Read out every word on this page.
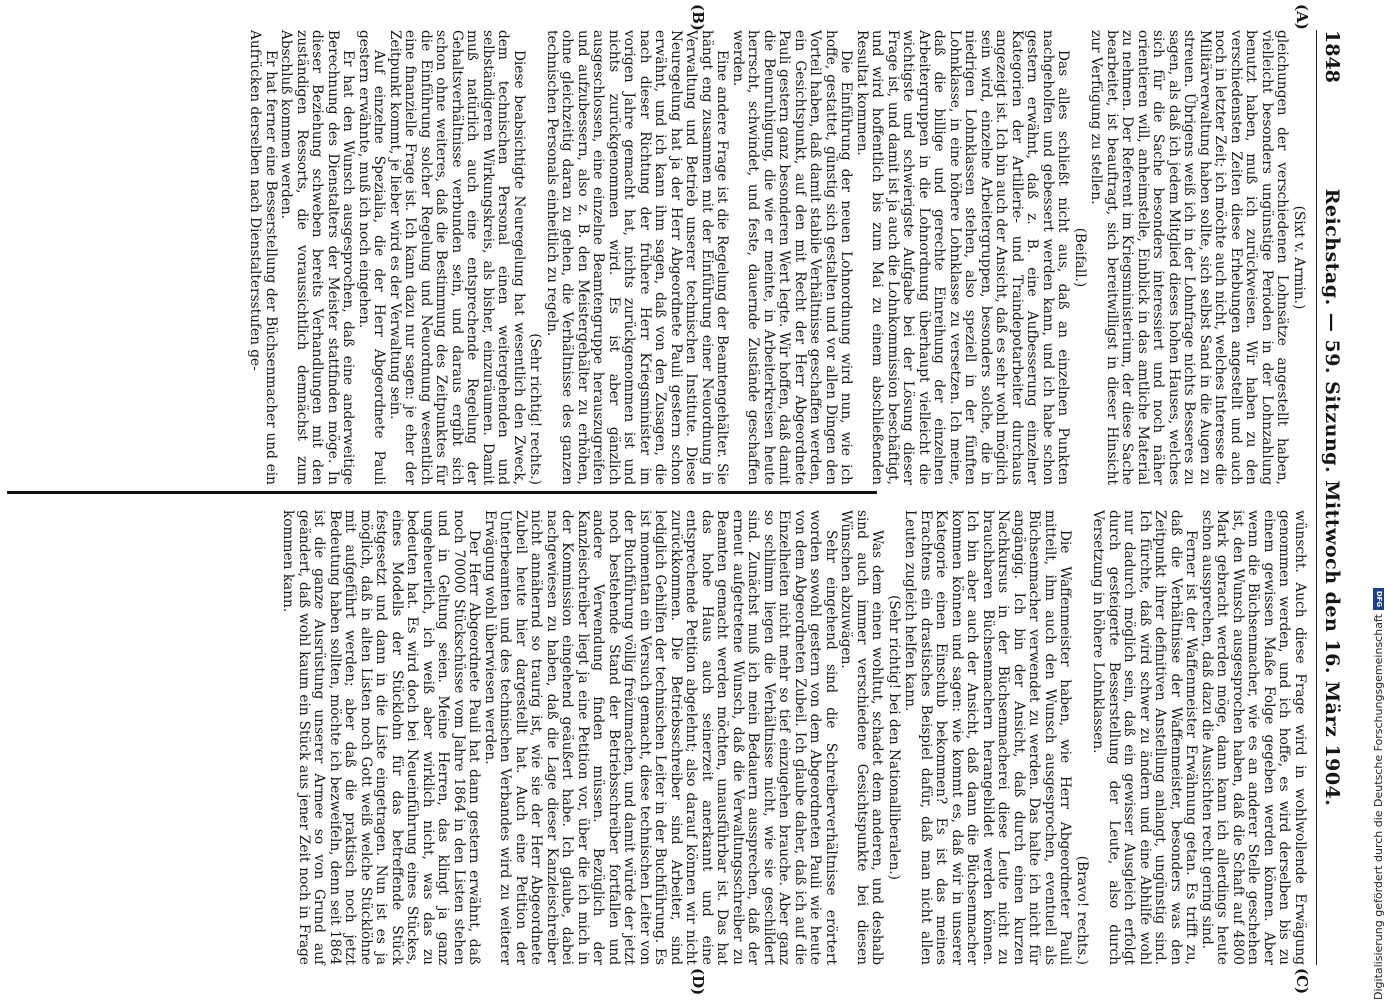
1848
Reichstag. — 59. Sitzung. Mittwoch den 16. März 1904.
(A)
(B)
(C)
(D)

(Sixt v. Armin.)

gleichungen der verschiedenen Lohnsätze angestellt haben, vielleicht besonders ungünstige Perioden in der Lohnzahlung benutzt haben, muß ich zurückweisen. Wir haben zu den verschiedensten Zeiten diese Erhebungen angestellt und auch noch in letzter Zeit; ich möchte auch nicht, welches Interesse die Militärverwaltung haben sollte, sich selbst Sand in die Augen zu streuen. Übrigens weiß ich in der Lohnfrage nichts Besseres zu sagen, als daß ich jedem Mitglied dieses hohen Hauses, welches sich für die Sache besonders interessiert und noch näher orientieren will, anheimstelle, Einblick in das amtliche Material zu nehmen. Der Referent im Kriegsministerium, der diese Sache bearbeitet, ist beauftragt, sich bereitwilligst in dieser Hinsicht zur Verfügung zu stellen.

(Beifall.)

Das alles schließt nicht aus, daß an einzelnen Punkten nachgeholfen und gebessert werden kann, und ich habe schon gestern erwähnt, daß z. B. eine Aufbesserung einzelner Kategorien der Artillerie- und Traindepotarbeiter durchaus angezeigt ist. Ich bin auch der Ansicht, daß es sehr wohl möglich sein wird, einzelne Arbeitergruppen, besonders solche, die in niedrigen Lohnklassen stehen, also speziell in der fünften Lohnklasse, in eine höhere Lohnklasse zu versetzen. Ich meine, daß die billige und gerechte Einreihung der einzelnen Arbeitergruppen in die Lohnordnung überhaupt vielleicht die wichtigste und schwierigste Aufgabe bei der Lösung dieser Frage ist, und damit ist ja auch die Lohnkommission beschäftigt, und wird hoffentlich bis zum Mai zu einem abschließenden Resultat kommen.

Die Einführung der neuen Lohnordnung wird nun, wie ich hoffe, gestattet, günstig sich gestalten und vor allen Dingen den Vorteil haben, daß damit stabile Verhältnisse geschaffen werden, ein Gesichtspunkt, auf den mit Recht der Herr Abgeordnete Pauli gestern ganz besonderen Wert legte. Wir hoffen, daß damit die Beunruhigung, die wie er meinte, in Arbeiterkreisen heute herrscht, schwindet, und feste, dauernde Zustände geschaffen werden.

Eine andere Frage ist die Regelung der Beamtengehälter. Sie hängt eng zusammen mit der Einführung einer Neuordnung in Verwaltung und Betrieb unserer technischen Institute. Diese Neuregelung hat ja der Herr Abgeordnete Pauli gestern schon erwähnt, und ich kann ihm sagen, daß von den Zusagen, die nach dieser Richtung der frühere Herr Kriegsminister im vorigen Jahre gemacht hat, nichts zurückgenommen ist und nichts zurückgenommen wird. Es ist aber gänzlich ausgeschlossen, eine einzelne Beamtengruppe herauszugreifen und aufzubessern, also z. B. den Meistergehälter zu erhöhen, ohne gleichzeitig daran zu gehen, die Verhältnisse des ganzen technischen Personals einheitlich zu regeln.

(Sehr richtig! rechts.)

Diese beabsichtigte Neuregelung hat wesentlich den Zweck, dem technischen Personal einen weitergehenden und selbständigeren Wirkungskreis, als bisher, einzuräumen. Damit muß natürlich auch eine entsprechende Regelung der Gehaltsverhältnisse verbunden sein, und daraus ergibt sich schon ohne weiteres, daß die Bestimmung des Zeitpunktes für die Einführung solcher Regelung und Neuordnung wesentlich eine finanzielle Frage ist. Ich kann dazu nur sagen: je eher der Zeitpunkt kommt, je lieber wird es der Verwaltung sein.

Auf einzelne Spezialia, die der Herr Abgeordnete Pauli gestern erwähnte, muß ich noch eingehen.

Er hat den Wunsch ausgesprochen, daß eine anderweitige Berechnung des Dienstalters der Meister stattfinden möge. In dieser Beziehung schweben bereits Verhandlungen mit den zuständigen Ressorts, die voraussichtlich demnächst zum Abschluß kommen werden.

Er hat ferner eine Besserstellung der Büchsenmacher und ein Aufrücken derselben nach Dienstaltersstufen ge-

wünscht. Auch diese Frage wird in wohlwollende Erwägung genommen werden, und ich hoffe, es wird derselben bis zu einem gewissen Maße Folge gegeben werden können. Aber wenn die Büchsenmacher, wie es an anderer Stelle geschehen ist, den Wunsch ausgesprochen haben, daß die Schaft auf 4800 Mark gebracht werden möge, dann kann ich allerdings heute schon aussprechen, daß dazu die Aussichten recht gering sind.

Ferner ist der Waffenmeister Erwähnung getan. Es trifft zu, daß die Verhältnisse der Waffenmeister, besonders was den Zeitpunkt ihrer definitiven Anstellung anlangt, ungünstig sind. Ich fürchte, daß wird schwer zu ändern und eine Abhilfe wohl nur dadurch möglich sein, daß ein gewisser Ausgleich erfolgt durch gesteigerte Besserstellung der Leute, also durch Versetzung in höhere Lohnklassen.

(Bravo! rechts.)

Die Waffenmeister haben, wie Herr Abgeordneter Pauli mitteilt, ihm auch den Wunsch ausgesprochen, eventuell als Büchsenmacher verwendet zu werden. Das halte ich nicht für angängig. Ich bin der Ansicht, daß durch einen kurzen Nachkursus in der Büchsenmacherei diese Leute nicht zu brauchbaren Büchsenmachern herangebildet werden können. Ich bin aber auch der Ansicht, daß dann die Büchsenmacher kommen können und sagen: wie kommt es, daß wir in unserer Kategorie einen Einschub bekommen? Es ist das meines Erachtens ein drastisches Beispiel dafür, daß man nicht allen Leuten zugleich helfen kann.

(Sehr richtig! bei den Nationalliberalen.)

Was dem einen wohltut, schadet dem anderen, und deshalb sind auch immer verschiedene Gesichtspunkte bei diesen Wünschen abzuwägen.

Sehr eingehend sind die Schreiberverhältnisse erörtert worden sowohl gestern von dem Abgeordneten Pauli wie heute von dem Abgeordneten Zubeil. Ich glaube daher, daß ich auf die Einzelheiten nicht mehr so tief einzugehen brauche. Aber ganz so schlimm liegen die Verhältnisse nicht, wie sie geschildert sind. Zunächst muß ich mein Bedauern aussprechen, daß der erneut aufgetretene Wunsch, daß die Verwaltungsschreiber zu Beamten gemacht werden möchten, unausführbar ist. Das hat das hohe Haus auch seinerzeit anerkannt und eine entsprechende Petition abgelehnt; also darauf können wir nicht zurückkommen. Die Betriebsschreiber sind Arbeiter, sind lediglich Gehilfen der technischen Leiter in der Buchführung. Es ist momentan ein Versuch gemacht, diese technischen Leiter von der Buchführung völlig freizumachen, und damit würde der jetzt noch bestehende Stand der Betriebsschreiber fortfallen und andere Verwendung finden müssen. Bezüglich der Kanzleischreiber liegt ja eine Petition vor, über die ich mich in der Kommission eingehend geäußert habe. Ich glaube, dabei nachgewiesen zu haben, daß die Lage dieser Kanzleischreiber nicht annähernd so traurig ist, wie sie der Herr Abgeordnete Zubeil heute hier dargestellt hat. Auch eine Petition der Unterbeamten und des technischen Verbandes wird zu weiterer Erwägung wohl überwiesen werden.

Der Herr Abgeordnete Pauli hat dann gestern erwähnt, daß noch 70000 Stückschüsse vom Jahre 1864 in den Listen stehen und in Geltung seien. Meine Herren, das klingt ja ganz ungeheuerlich, ich weiß aber wirklich nicht, was das zu bedeuten hat. Es wird doch bei Neueinführung eines Stückes, eines Modells der Stücklohn für das betreffende Stück festgesetzt und dann in die Liste eingetragen. Nun ist es ja möglich, daß in alten Listen noch Gott weiß welche Stücklöhne mit aufgeführt werden; aber daß die praktisch noch jetzt Bedeutung haben sollten, möchte ich bezweifeln, denn seit 1864 ist die ganze Ausrüstung unserer Armee so von Grund auf geändert, daß wohl kaum ein Stück aus jener Zeit noch in Frage kommen kann.

Digitalisierung gefördert durch die Deutsche Forschungsgemeinschaft
DFG
